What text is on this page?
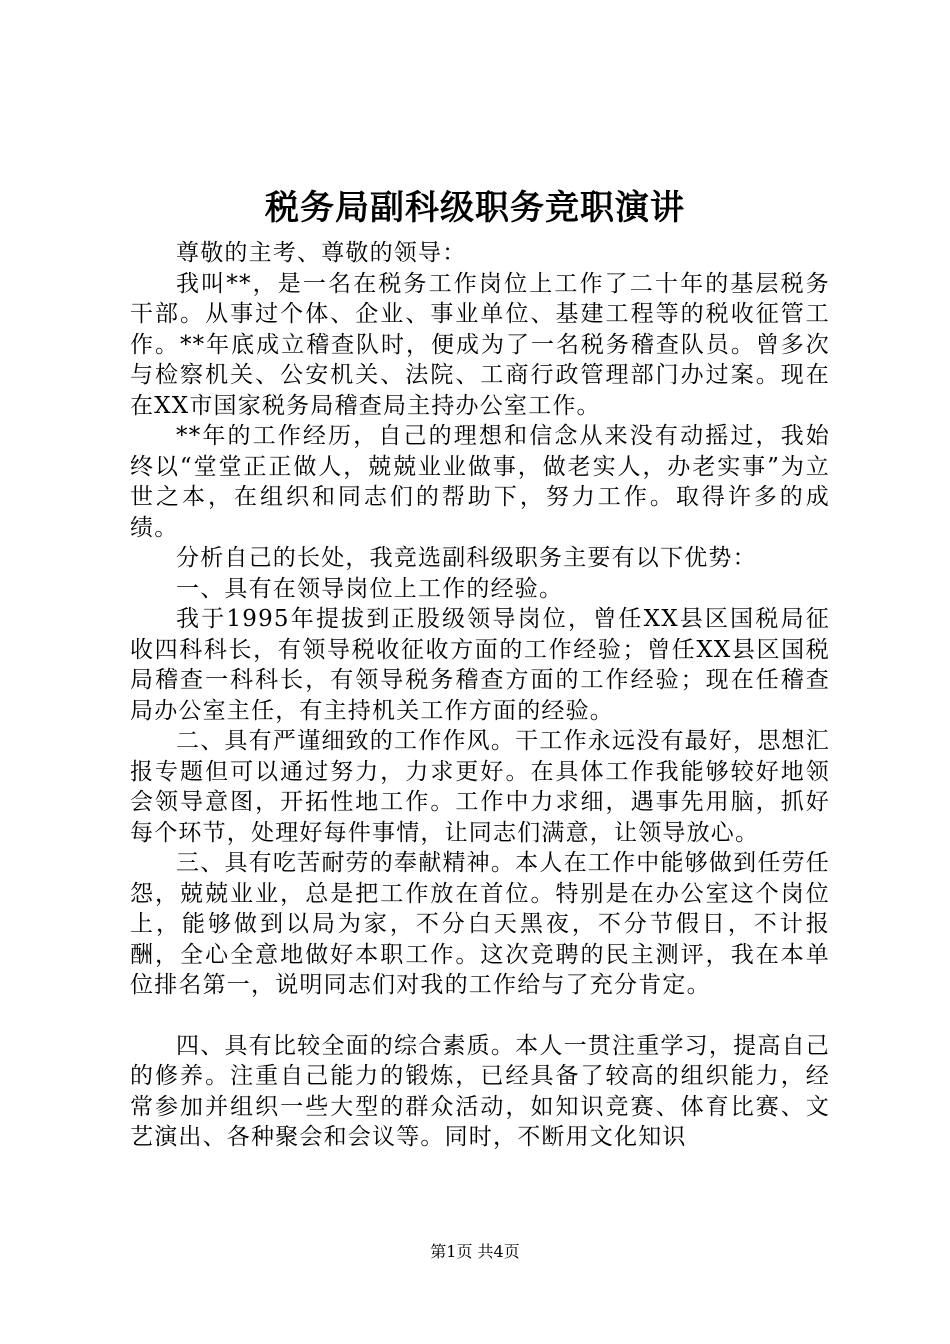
税务局副科级职务竞职演讲

尊敬的主考、尊敬的领导：

我叫**，是一名在税务工作岗位上工作了二十年的基层税务干部。从事过个体、企业、事业单位、基建工程等的税收征管工作。**年底成立稽查队时，便成为了一名税务稽查队员。曾多次与检察机关、公安机关、法院、工商行政管理部门办过案。现在在XX市国家税务局稽查局主持办公室工作。

**年的工作经历，自己的理想和信念从来没有动摇过，我始终以“堂堂正正做人，兢兢业业做事，做老实人，办老实事”为立世之本，在组织和同志们的帮助下，努力工作。取得许多的成绩。

分析自己的长处，我竞选副科级职务主要有以下优势：

一、具有在领导岗位上工作的经验。

我于1995年提拔到正股级领导岗位，曾任XX县区国税局征收四科科长，有领导税收征收方面的工作经验；曾任XX县区国税局稽查一科科长，有领导税务稽查方面的工作经验；现在任稽查局办公室主任，有主持机关工作方面的经验。

二、具有严谨细致的工作作风。干工作永远没有最好，思想汇报专题但可以通过努力，力求更好。在具体工作我能够较好地领会领导意图，开拓性地工作。工作中力求细，遇事先用脑，抓好每个环节，处理好每件事情，让同志们满意，让领导放心。

三、具有吃苦耐劳的奉献精神。本人在工作中能够做到任劳任怨，兢兢业业，总是把工作放在首位。特别是在办公室这个岗位上，能够做到以局为家，不分白天黑夜，不分节假日，不计报酬，全心全意地做好本职工作。这次竞聘的民主测评，我在本单位排名第一，说明同志们对我的工作给与了充分肯定。

四、具有比较全面的综合素质。本人一贯注重学习，提高自己的修养。注重自己能力的锻炼，已经具备了较高的组织能力，经常参加并组织一些大型的群众活动，如知识竞赛、体育比赛、文艺演出、各种聚会和会议等。同时，不断用文化知识

第1页 共4页
